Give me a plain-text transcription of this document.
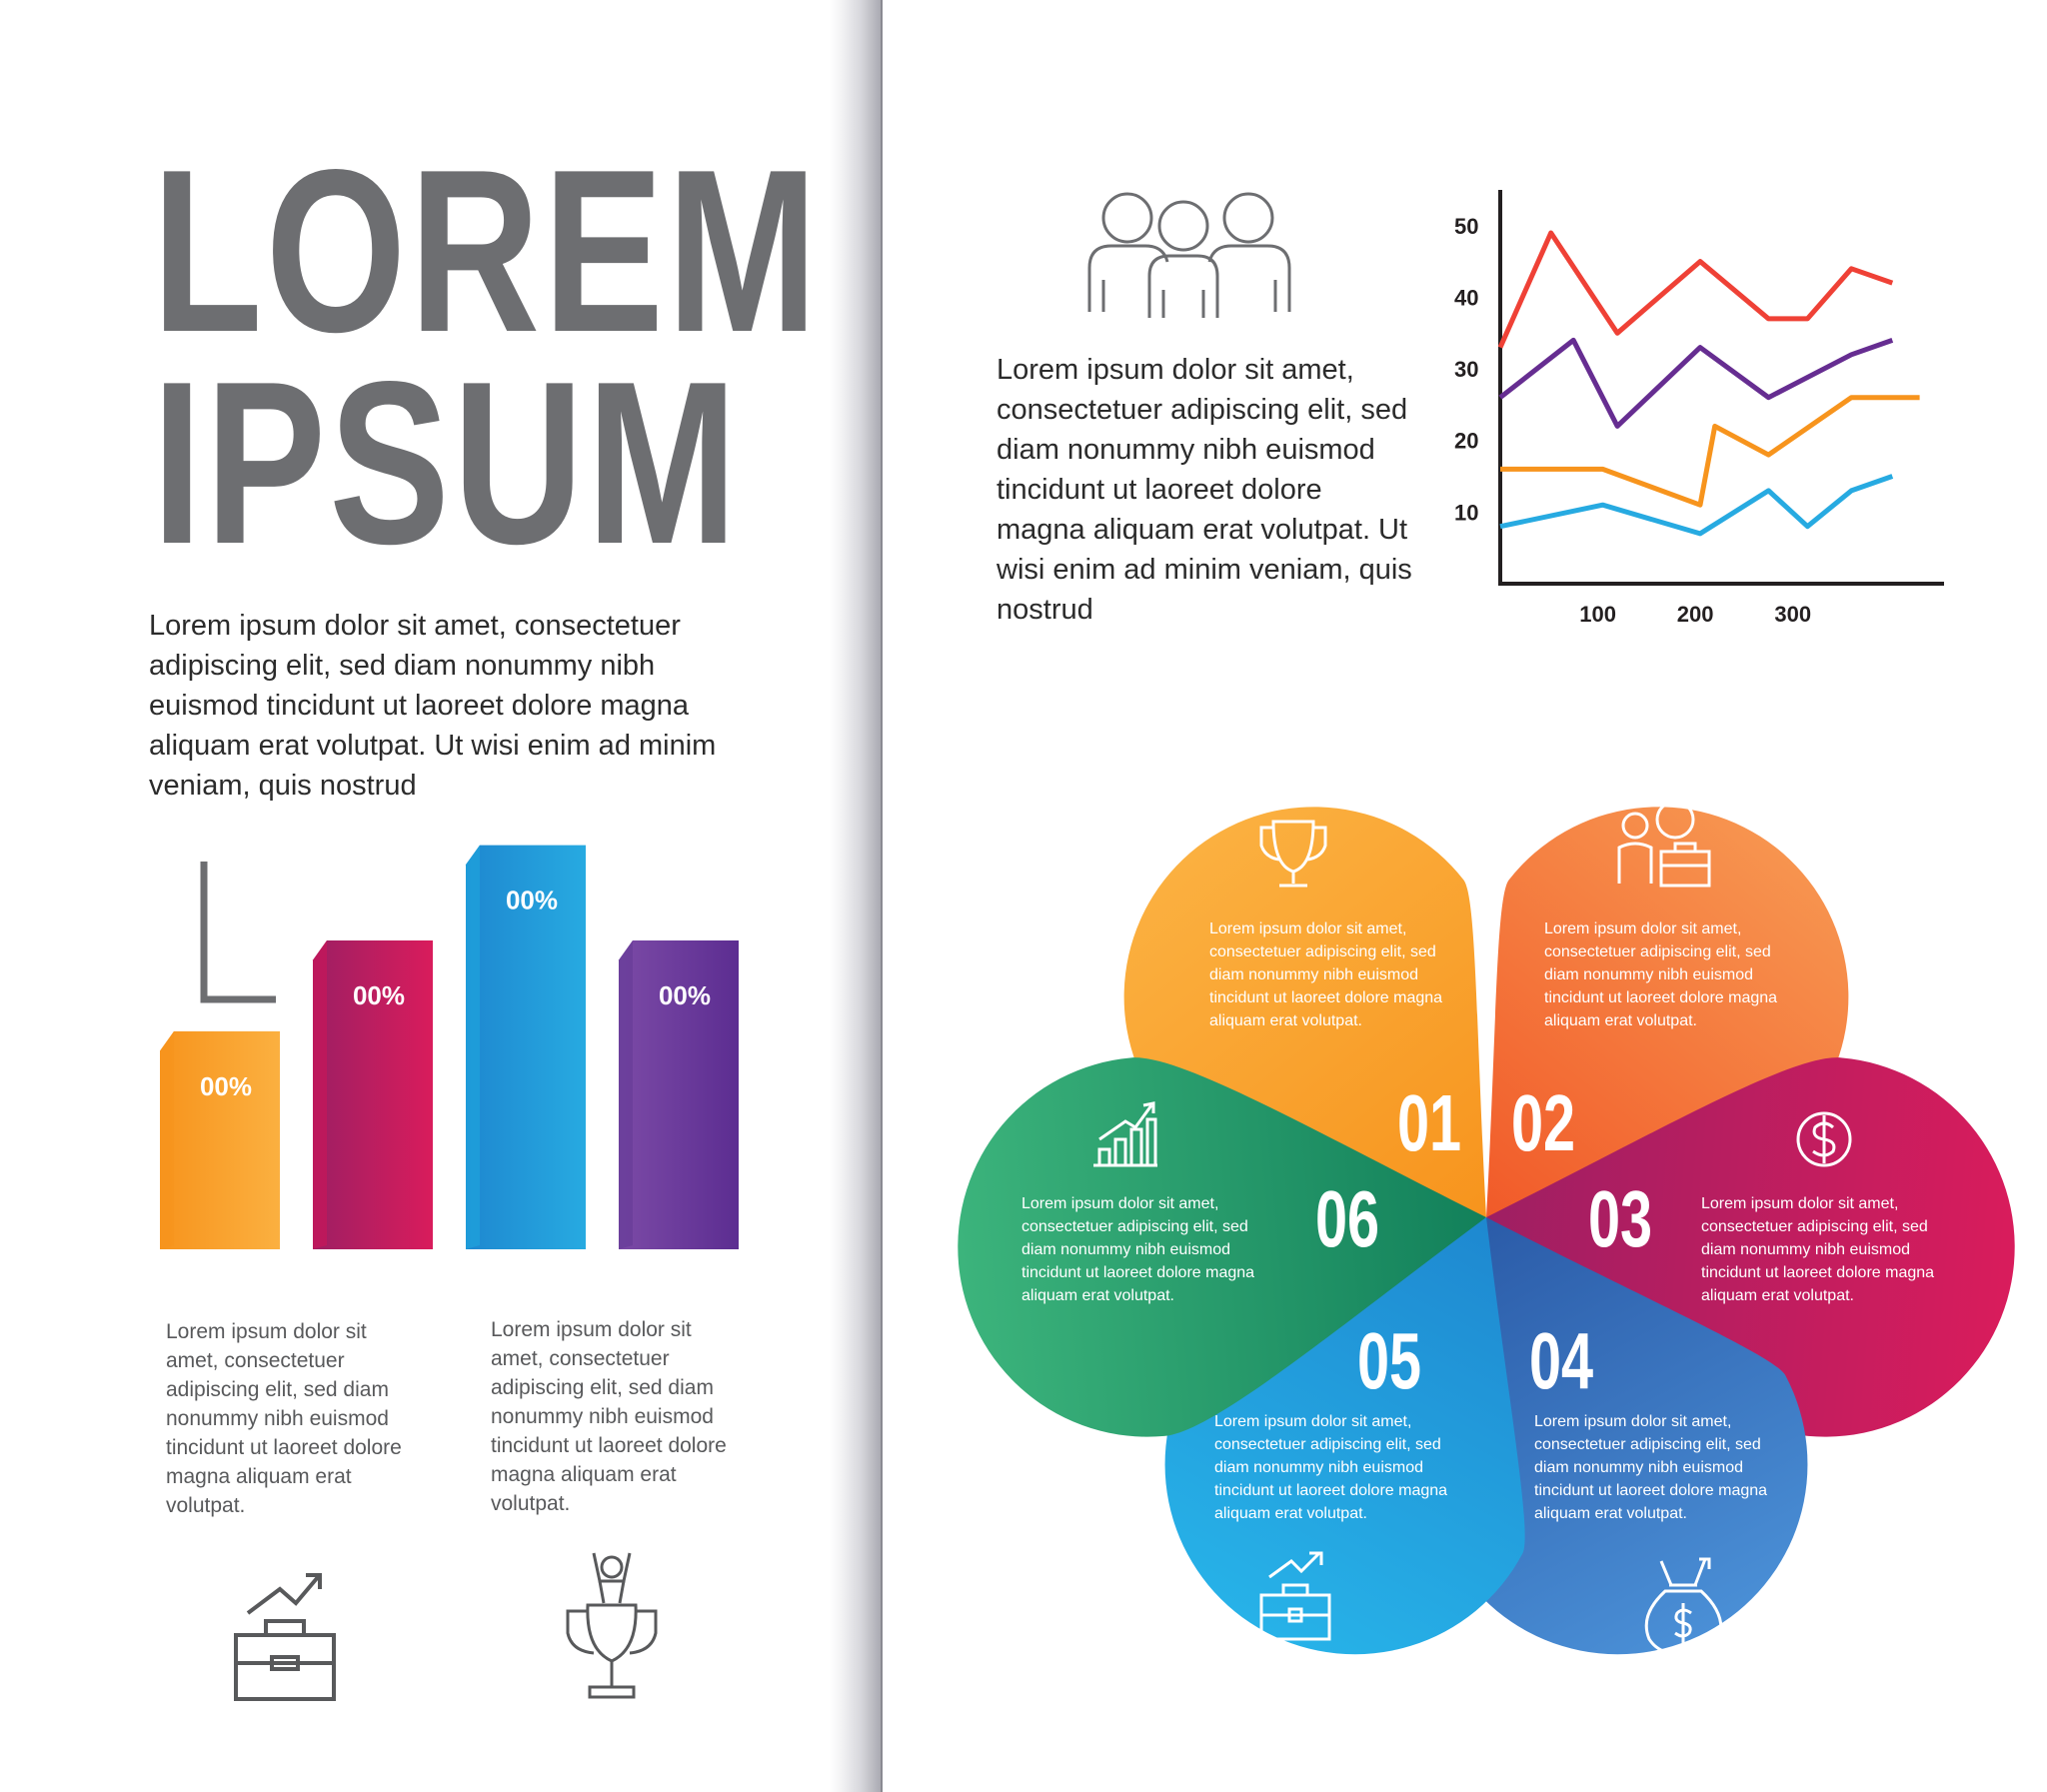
LOREM
IPSUM

Lorem ipsum dolor sit amet, consectetuer adipiscing elit, sed diam nonummy nibh euismod tincidunt ut laoreet dolore magna aliquam erat volutpat. Ut wisi enim ad minim veniam, quis nostrud

Lorem ipsum dolor sit amet, consectetuer adipiscing elit, sed diam nonummy nibh euismod tincidunt ut laoreet dolore magna aliquam erat volutpat. Ut wisi enim ad minim veniam, quis nostrud

Lorem ipsum dolor sit amet, consectetuer adipiscing elit, sed diam nonummy nibh euismod tincidunt ut laoreet dolore magna aliquam erat volutpat.

Lorem ipsum dolor sit amet, consectetuer adipiscing elit, sed diam nonummy nibh euismod tincidunt ut laoreet dolore magna aliquam erat volutpat.

00%
00%
00%
00%
10
20
30
40
50
100	200	300

Lorem ipsum dolor sit amet, consectetuer adipiscing elit, sed diam nonummy nibh euismod tincidunt ut laoreet dolore magna aliquam erat volutpat.

01

Lorem ipsum dolor sit amet, consectetuer adipiscing elit, sed diam nonummy nibh euismod tincidunt ut laoreet dolore magna aliquam erat volutpat.

02

Lorem ipsum dolor sit amet, consectetuer adipiscing elit, sed diam nonummy nibh euismod tincidunt ut laoreet dolore magna aliquam erat volutpat.

03

Lorem ipsum dolor sit amet, consectetuer adipiscing elit, sed diam nonummy nibh euismod tincidunt ut laoreet dolore magna aliquam erat volutpat.

04

Lorem ipsum dolor sit amet, consectetuer adipiscing elit, sed diam nonummy nibh euismod tincidunt ut laoreet dolore magna aliquam erat volutpat.

05

Lorem ipsum dolor sit amet, consectetuer adipiscing elit, sed diam nonummy nibh euismod tincidunt ut laoreet dolore magna aliquam erat volutpat.

06
